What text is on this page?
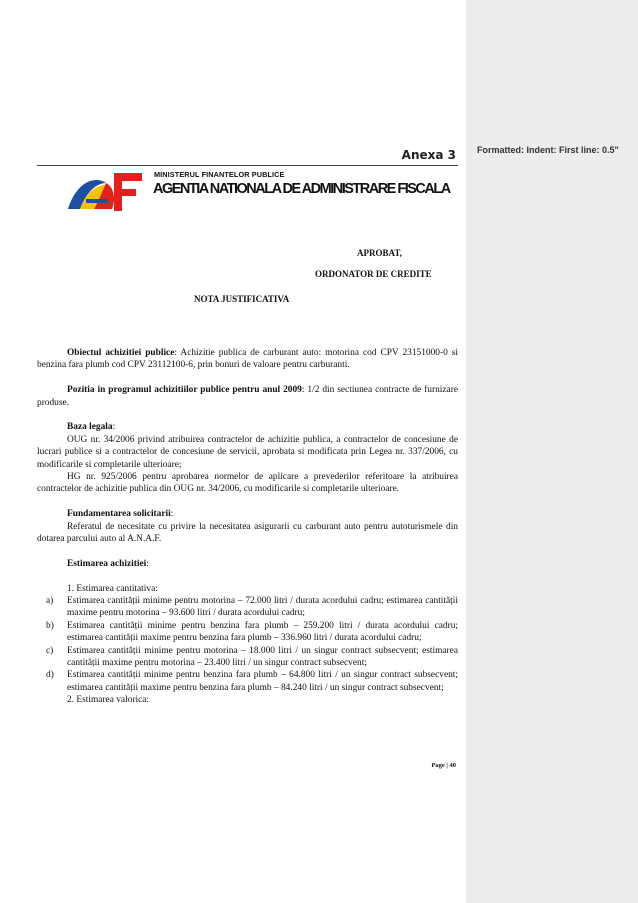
Formatted: Indent: First line: 0.5"
Anexa 3
MINISTERUL FINANTELOR PUBLICE
AGENTIA NATIONALA DE ADMINISTRARE FISCALA
APROBAT,
ORDONATOR DE CREDITE
NOTA JUSTIFICATIVA

Obiectul achizitiei publice: Achizitie publica de carburant auto: motorina cod CPV 23151000-0 si benzina fara plumb cod CPV 23112100-6, prin bonuri de valoare pentru carburanti.

Pozitia in programul achizitiilor publice pentru anul 2009: 1/2 din sectiunea contracte de furnizare produse.

Baza legala:

OUG nr. 34/2006 privind atribuirea contractelor de achizitie publica, a contractelor de concesiune de lucrari publice si a contractelor de concesiune de servicii, aprobata si modificata prin Legea nr. 337/2006, cu modificarile si completarile ulterioare;

HG nr. 925/2006 pentru aprobarea normelor de aplicare a prevederilor referitoare la atribuirea contractelor de achizitie publica din OUG nr. 34/2006, cu modificarile si completarile ulterioare.

Fundamentarea solicitarii:

Referatul de necesitate cu privire la necesitatea asigurarii cu carburant auto pentru autoturismele din dotarea parcului auto al A.N.A.F.

Estimarea achizitiei:

1. Estimarea cantitativa:

a) Estimarea cantității minime pentru motorina – 72.000 litri / durata acordului cadru; estimarea cantității maxime pentru motorina – 93.600 litri / durata acordului cadru;
b) Estimarea cantității minime pentru benzina fara plumb – 259.200 litri / durata acordului cadru; estimarea cantității maxime pentru benzina fara plumb – 336.960 litri / durata acordului cadru;
c) Estimarea cantității minime pentru motorina – 18.000 litri / un singur contract subsecvent; estimarea cantității maxime pentru motorina – 23.400 litri / un singur contract subsecvent;
d) Estimarea cantității minime pentru benzina fara plumb – 64.800 litri / un singur contract subsecvent; estimarea cantității maxime pentru benzina fara plumb – 84.240 litri / un singur contract subsecvent;

2. Estimarea valorica:

Page | 40
